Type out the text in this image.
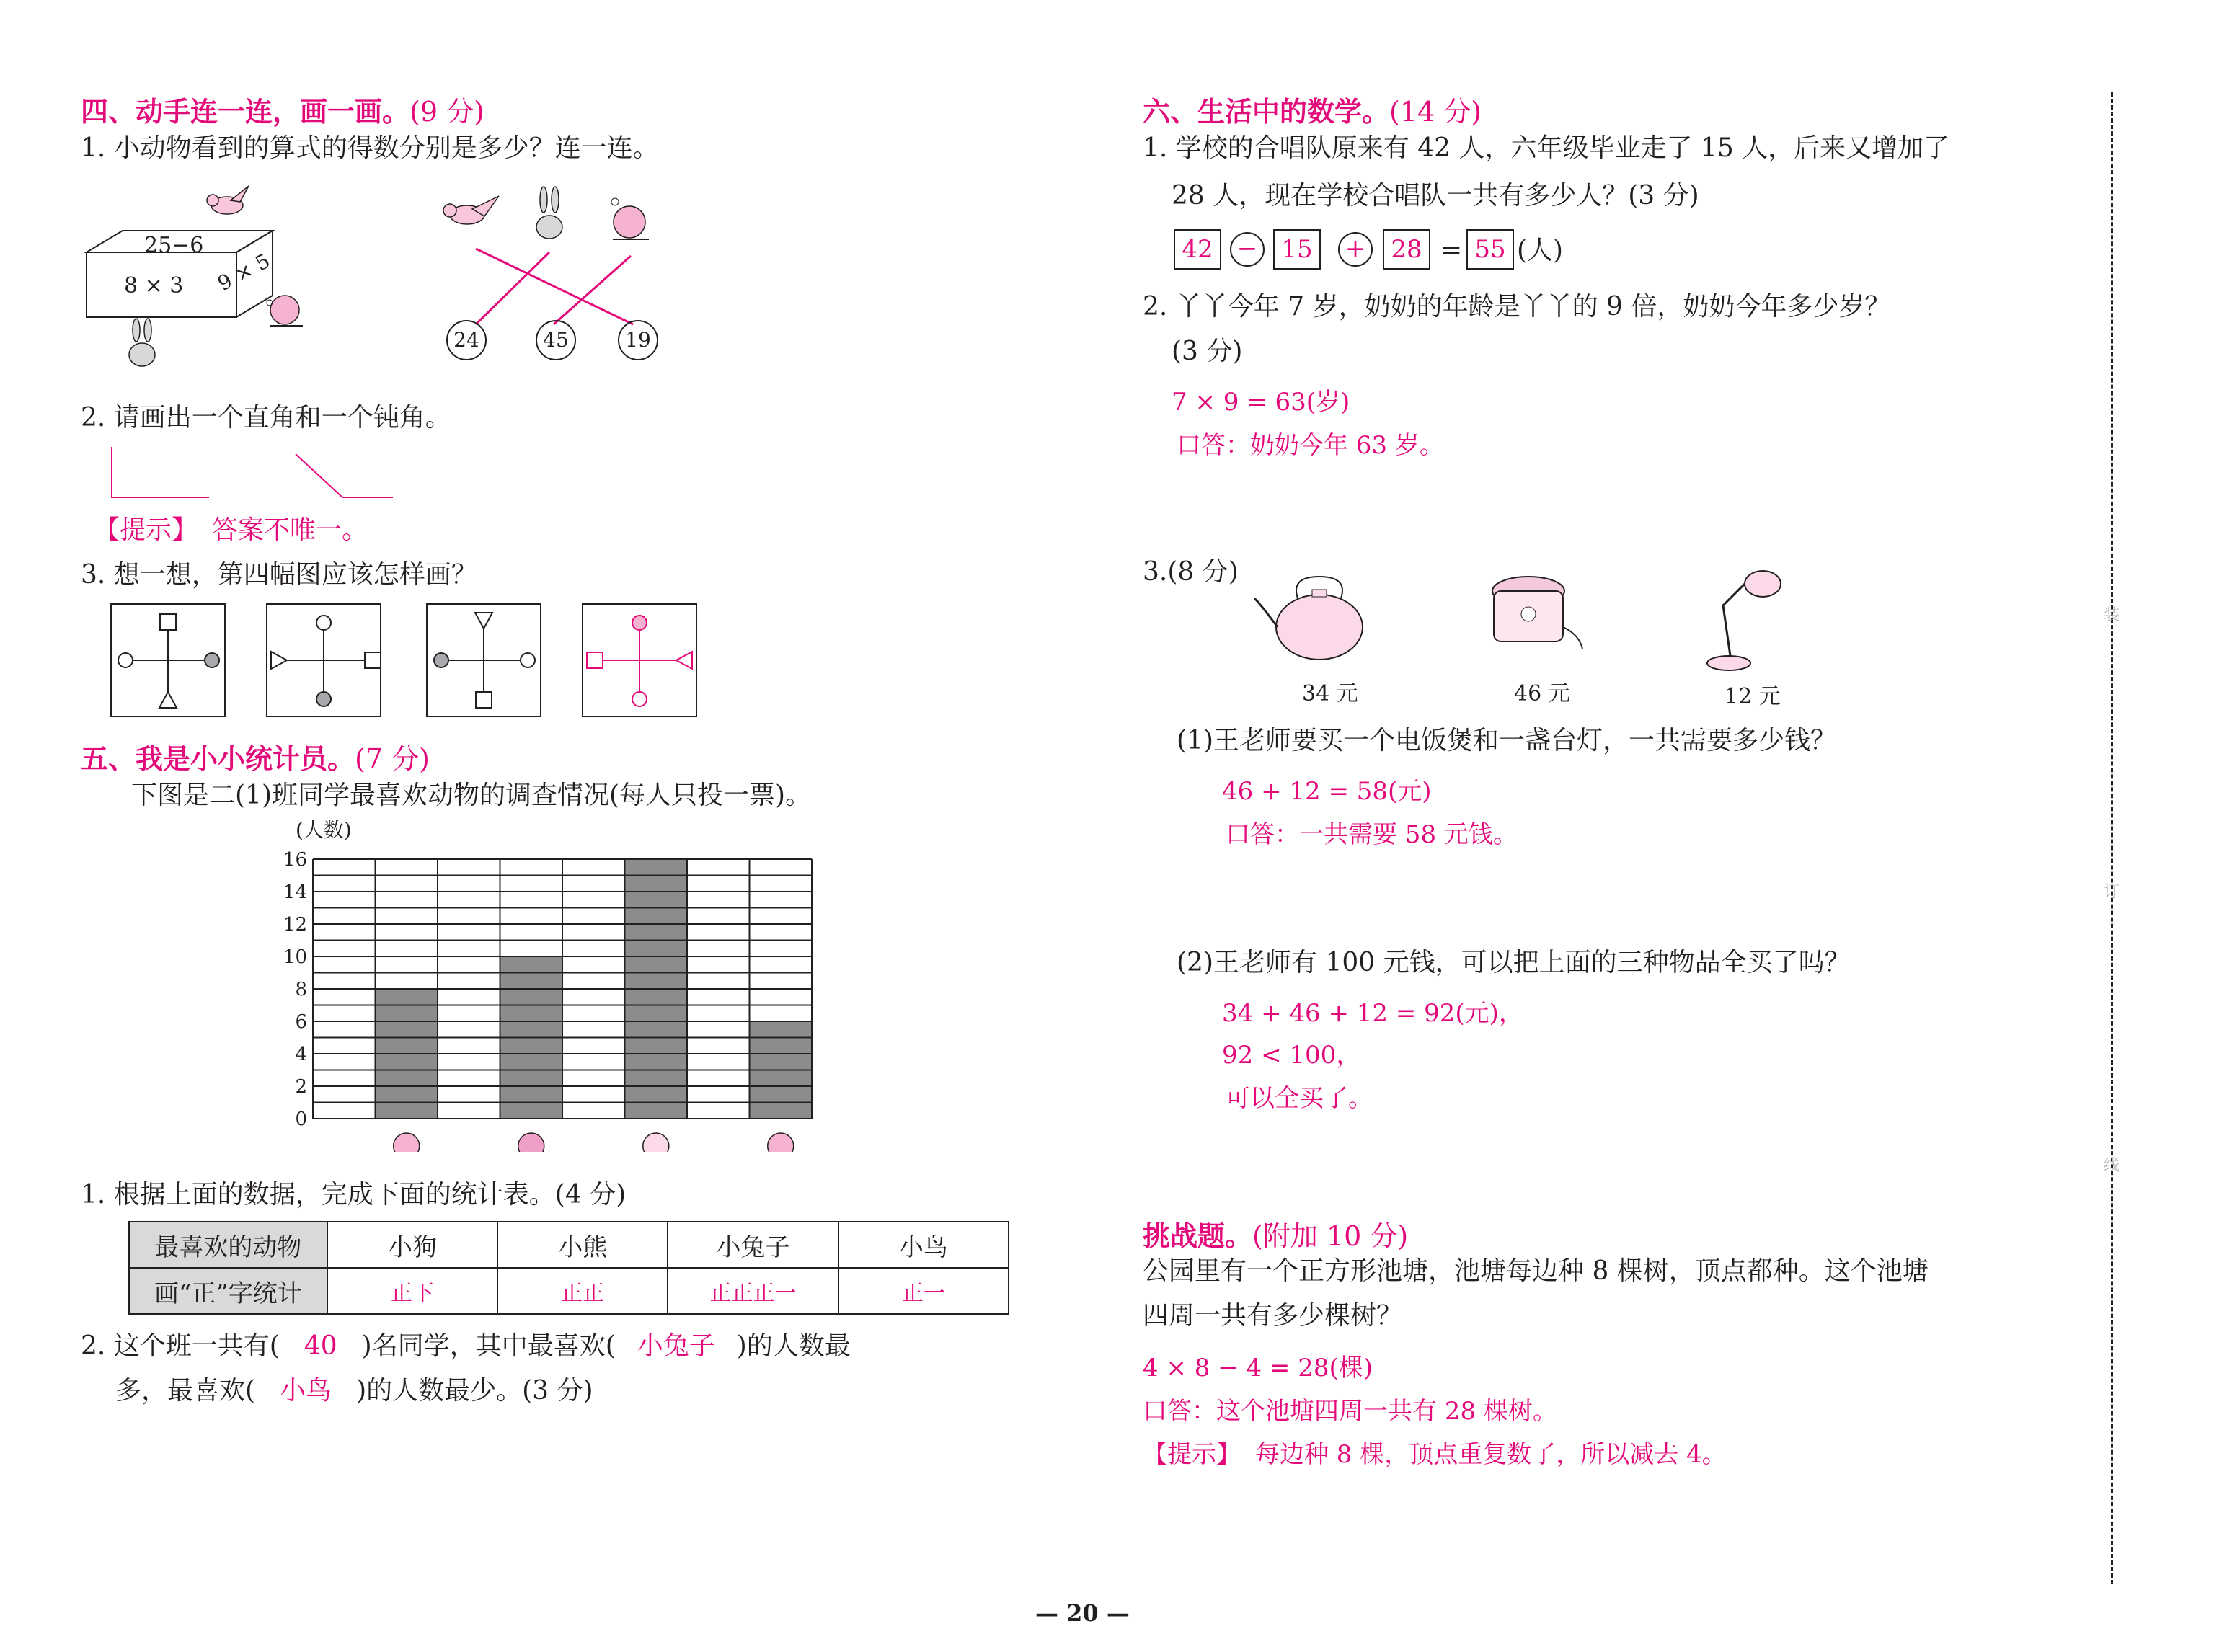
四、动手连一连，画一画。(9 分)
1. 小动物看到的算式的得数分别是多少？连一连。
25−6
8 × 3 9 × 5
24	45	19
2. 请画出一个直角和一个钝角。
【提示】 答案不唯一。
3. 想一想，第四幅图应该怎样画？
五、我是小小统计员。(7 分)
下图是二(1)班同学最喜欢动物的调查情况(每人只投一票)。
(人数)
0
2
4
6
8
10
12
14
16
1. 根据上面的数据，完成下面的统计表。(4 分)
最喜欢的动物	小狗	小熊	小兔子	小鸟
画“正”字统计	正下	正正	正正正一	正一
2. 这个班一共有( 40 )名同学，其中最喜欢( 小兔子 )的人数最
多，最喜欢( 小鸟 )的人数最少。(3 分)
六、生活中的数学。(14 分)
1. 学校的合唱队原来有 42 人，六年级毕业走了 15 人，后来又增加了
28 人，现在学校合唱队一共有多少人？(3 分)
42 − 15	+	28 = 55 (人)
2. 丫丫今年 7 岁，奶奶的年龄是丫丫的 9 倍，奶奶今年多少岁？
(3 分)
7 × 9 = 63(岁)
口答：奶奶今年 63 岁。
3.(8 分)
34 元	46 元	12 元
(1)王老师要买一个电饭煲和一盏台灯，一共需要多少钱？
46 + 12 = 58(元)
口答：一共需要 58 元钱。
(2)王老师有 100 元钱，可以把上面的三种物品全买了吗？
34 + 46 + 12 = 92(元)，
92 < 100，
可以全买了。
挑战题。(附加 10 分)
公园里有一个正方形池塘，池塘每边种 8 棵树，顶点都种。这个池塘
四周一共有多少棵树？
4 × 8 − 4 = 28(棵)
口答：这个池塘四周一共有 28 棵树。
【提示】 每边种 8 棵，顶点重复数了，所以减去 4。
装
订
线
— 20 —
